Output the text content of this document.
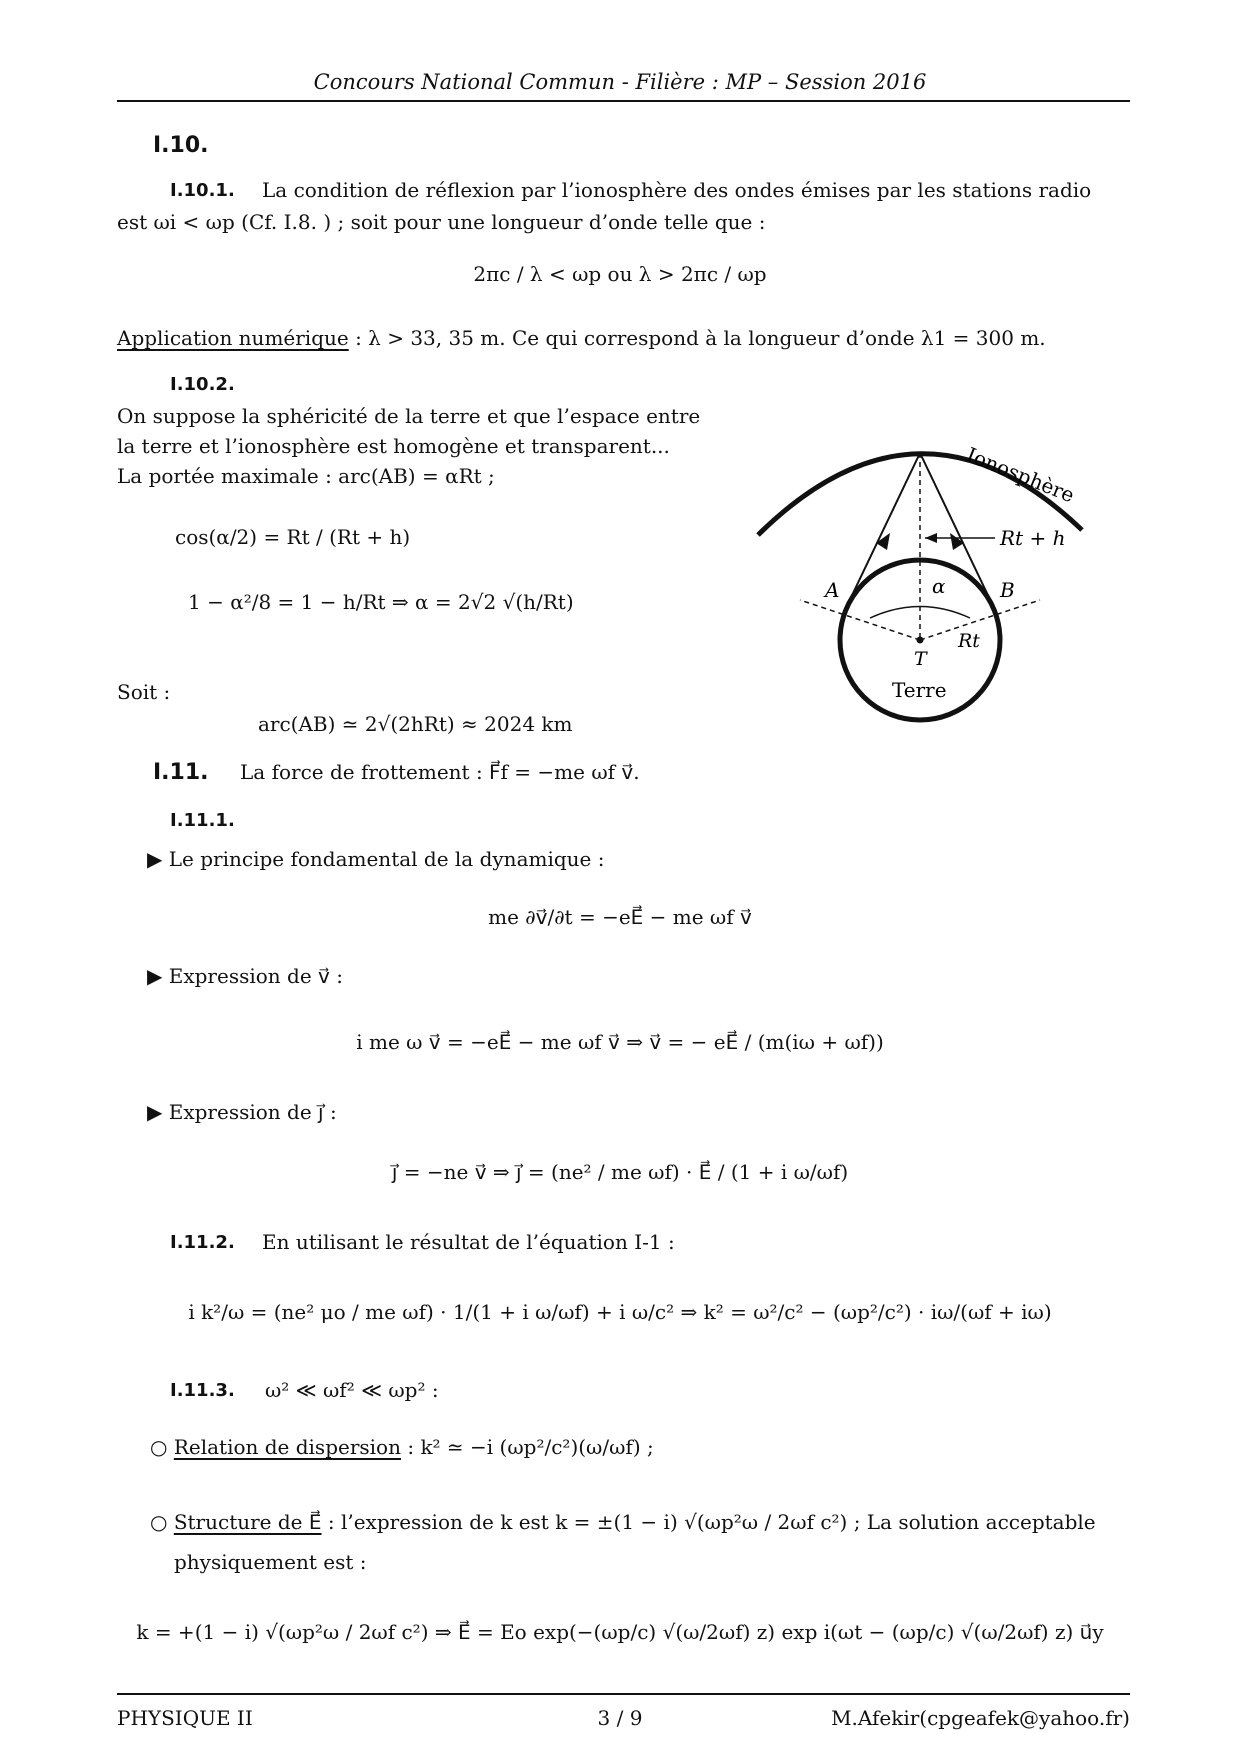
Concours National Commun - Filière : MP – Session 2016
I.10.
I.10.1. La condition de réflexion par l’ionosphère des ondes émises par les stations radio
est ωi < ωp (Cf. I.8. ) ; soit pour une longueur d’onde telle que :
2πc / λ < ωp ou λ > 2πc / ωp
Application numérique : λ > 33, 35 m. Ce qui correspond à la longueur d’onde λ1 = 300 m.
I.10.2.
On suppose la sphéricité de la terre et que l’espace entre
la terre et l’ionosphère est homogène et transparent...
La portée maximale : arc(AB) = αRt ;
cos(α/2) = Rt / (Rt + h)
1 − α²/8 = 1 − h/Rt ⇒ α = 2√2 √(h/Rt)
Soit :
arc(AB) ≃ 2√(2hRt) ≈ 2024 km
Ionosphère
Rt + h
A	B
α
T
Rt
Terre
I.11. La force de frottement : F⃗f = −me ωf v⃗.
I.11.1.
▶ Le principe fondamental de la dynamique :
me ∂v⃗/∂t = −eE⃗ − me ωf v⃗
▶ Expression de v⃗ :
i me ω v⃗ = −eE⃗ − me ωf v⃗ ⇒ v⃗ = − eE⃗ / (m(iω + ωf))
▶ Expression de j⃗ :
j⃗ = −ne v⃗ ⇒ j⃗ = (ne² / me ωf) · E⃗ / (1 + i ω/ωf)
I.11.2. En utilisant le résultat de l’équation I-1 :
i k²/ω = (ne² μo / me ωf) · 1/(1 + i ω/ωf) + i ω/c² ⇒ k² = ω²/c² − (ωp²/c²) · iω/(ωf + iω)
I.11.3. ω² ≪ ωf² ≪ ωp² :
○ Relation de dispersion : k² ≃ −i (ωp²/c²)(ω/ωf) ;
○ Structure de E⃗ : l’expression de k est k = ±(1 − i) √(ωp²ω / 2ωf c²) ; La solution acceptable
physiquement est :
k = +(1 − i) √(ωp²ω / 2ωf c²) ⇒ E⃗ = Eo exp(−(ωp/c) √(ω/2ωf) z) exp i(ωt − (ωp/c) √(ω/2ωf) z) u⃗y
PHYSIQUE II	3 / 9	M.Afekir(cpgeafek@yahoo.fr)
